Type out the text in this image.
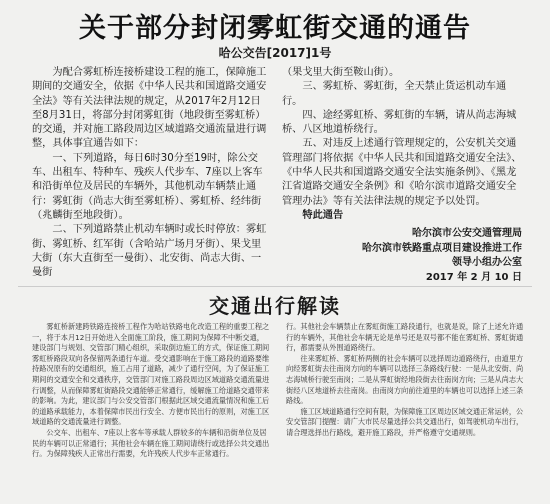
关于部分封闭雾虹街交通的通告
哈公交告[2017]1号

为配合雾虹桥连接桥建设工程的施工，保障施工期间的交通安全，依据《中华人民共和国道路交通安全法》等有关法律法规的规定，从2017年2月12日至8月31日，将部分封闭雾虹街（地段街至雾虹桥）的交通，并对施工路段周边区域道路交通流量进行调整，具体事宜通告如下：

一、下列道路，每日6时30分至19时，除公交车、出租车、特种车、残疾人代步车、7座以上客车和沿街单位及居民的车辆外，其他机动车辆禁止通行：雾虹街（尚志大街至雾虹桥）、雾虹桥、经纬街（兆麟街至地段街）。

二、下列道路禁止机动车辆时或长时停放：雾虹街、雾虹桥、红军街（含哈站广场月牙街）、果戈里大街（东大直街至一曼街）、北安街、尚志大街、一曼街

（果戈里大街至鞍山街）。

三、雾虹桥、雾虹街，全天禁止货运机动车通行。

四、途经雾虹桥、雾虹街的车辆，请从尚志海城桥、八区地道桥绕行。

五、对违反上述通行管理规定的，公安机关交通管理部门将依据《中华人民共和国道路交通安全法》、《中华人民共和国道路交通安全法实施条例》、《黑龙江省道路交通安全条例》和《哈尔滨市道路交通安全管理办法》等有关法律法规的规定予以处罚。

特此通告

哈尔滨市公安交通管理局
哈尔滨市铁路重点项目建设推进工作
领导小组办公室
2017 年 2 月 10 日
交通出行解读

雾虹桥新建跨铁路连接桥工程作为哈站铁路电化改造工程的重要工程之一，将于本月12日开始进入全面施工阶段，施工期间为保障不中断交通，建设部门与规划、交管部门精心组织，采取倒边施工的方式，保证施工期间雾虹桥路段双向各保留两条通行车道。受交通影响在于施工路段的道路要维持路况原有的交通组织，施工占用了道路，减少了通行空间，为了保证施工期间的交通安全和交通秩序，交管部门对施工路段周边区域道路交通流量进行调整，从而保障雾虹街路段交通能够正常通行，缓解施工给道路交通带来的影响。为此，建议部门与公安交管部门根据此区域交通流量情况和施工后的道路承载能力，本着保障市民出行安全、方便市民出行的原则，对施工区域道路的交通流量进行调整。

公交车、出租车、7座以上客车等承载人群较多的车辆和沿街单位及居民的车辆可以正常通行；其他社会车辆在施工期间请绕行或选择公共交通出行。为保障残疾人正常出行需要，允许残疾人代步车正常通行。

行。其他社会车辆禁止在雾虹街施工路段通行，也就是说，除了上述允许通行的车辆外，其他社会车辆无论是单号还是双号都不能在雾虹桥、雾虹街通行，都需要从外围道路绕行。

往来雾虹桥、雾虹桥两侧的社会车辆可以选择周边道路绕行，由道里方向经雾虹街去往南岗方向的车辆可以选择三条路线行驶：一是从北安街、尚志海城桥行驶至南岗；二是从霁虹街经地段街去往南岗方向；三是从尚志大街经八区地道桥去往南岗。由南岗方向前往道里的车辆也可以选择上述三条路线。

施工区域道路通行空间有限，为保障施工区周边区域交通正常运转，公安交管部门提醒：请广大市民尽量选择公共交通出行，如驾驶机动车出行，请合理选择出行路线，避开施工路段，并严格遵守交通规则。
